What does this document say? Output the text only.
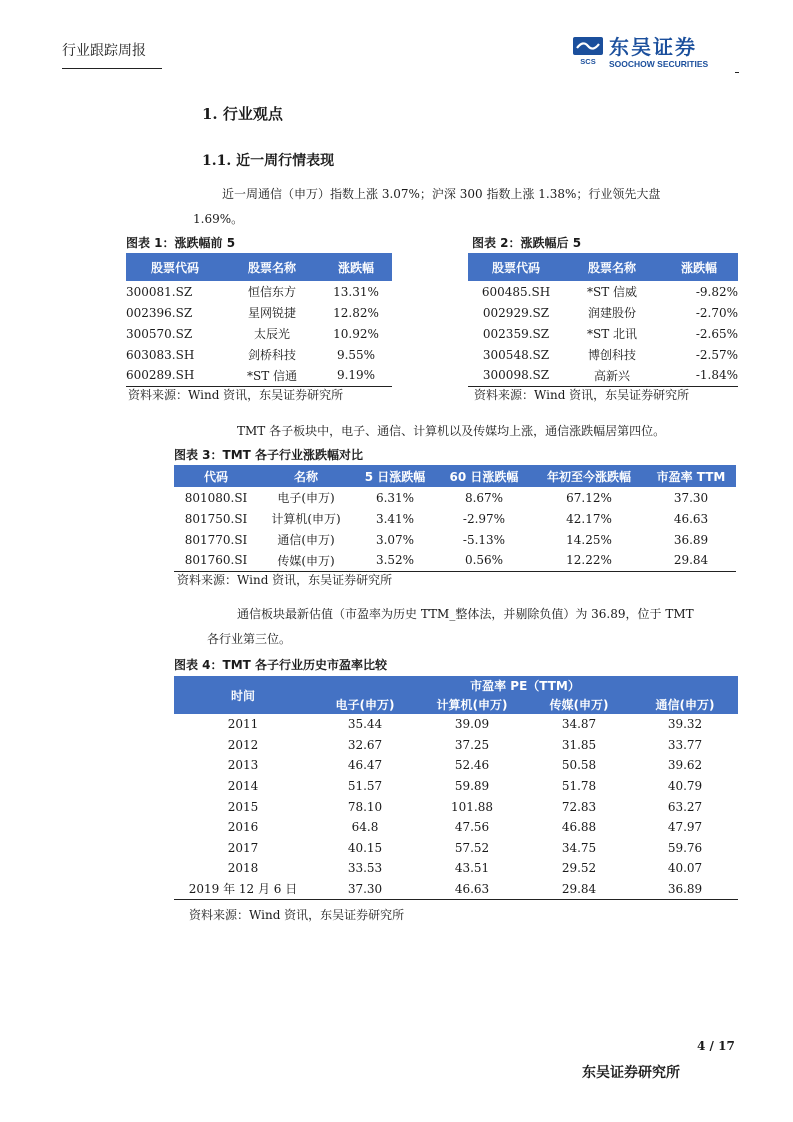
行业跟踪周报
SCS
东吴证券
SOOCHOW SECURITIES
1. 行业观点
1.1. 近一周行情表现
近一周通信（申万）指数上涨 3.07%；沪深 300 指数上涨 1.38%；行业领先大盘
1.69%。
图表 1：涨跌幅前 5
股票代码	股票名称	涨跌幅
300081.SZ	恒信东方	13.31%
002396.SZ	星网锐捷	12.82%
300570.SZ	太辰光	10.92%
603083.SH	剑桥科技	9.55%
600289.SH	*ST 信通	9.19%
资料来源：Wind 资讯，东吴证券研究所
图表 2：涨跌幅后 5
股票代码	股票名称	涨跌幅
600485.SH	*ST 信威	-9.82%
002929.SZ	润建股份	-2.70%
002359.SZ	*ST 北讯	-2.65%
300548.SZ	博创科技	-2.57%
300098.SZ	高新兴	-1.84%
资料来源：Wind 资讯，东吴证券研究所
TMT 各子板块中，电子、通信、计算机以及传媒均上涨，通信涨跌幅居第四位。
图表 3：TMT 各子行业涨跌幅对比
代码	名称	5 日涨跌幅	60 日涨跌幅	年初至今涨跌幅	市盈率 TTM
801080.SI	电子(申万)	6.31%	8.67%	67.12%	37.30
801750.SI	计算机(申万)	3.41%	-2.97%	42.17%	46.63
801770.SI	通信(申万)	3.07%	-5.13%	14.25%	36.89
801760.SI	传媒(申万)	3.52%	0.56%	12.22%	29.84
资料来源：Wind 资讯，东吴证券研究所
通信板块最新估值（市盈率为历史 TTM_整体法，并剔除负值）为 36.89，位于 TMT
各行业第三位。
图表 4：TMT 各子行业历史市盈率比较
时间	市盈率 PE（TTM）			
	电子(申万)	计算机(申万)	传媒(申万)	通信(申万)
2011	35.44	39.09	34.87	39.32
2012	32.67	37.25	31.85	33.77
2013	46.47	52.46	50.58	39.62
2014	51.57	59.89	51.78	40.79
2015	78.10	101.88	72.83	63.27
2016	64.8	47.56	46.88	47.97
2017	40.15	57.52	34.75	59.76
2018	33.53	43.51	29.52	40.07
2019 年 12 月 6 日	37.30	46.63	29.84	36.89
资料来源：Wind 资讯，东吴证券研究所
4 / 17
东吴证券研究所
